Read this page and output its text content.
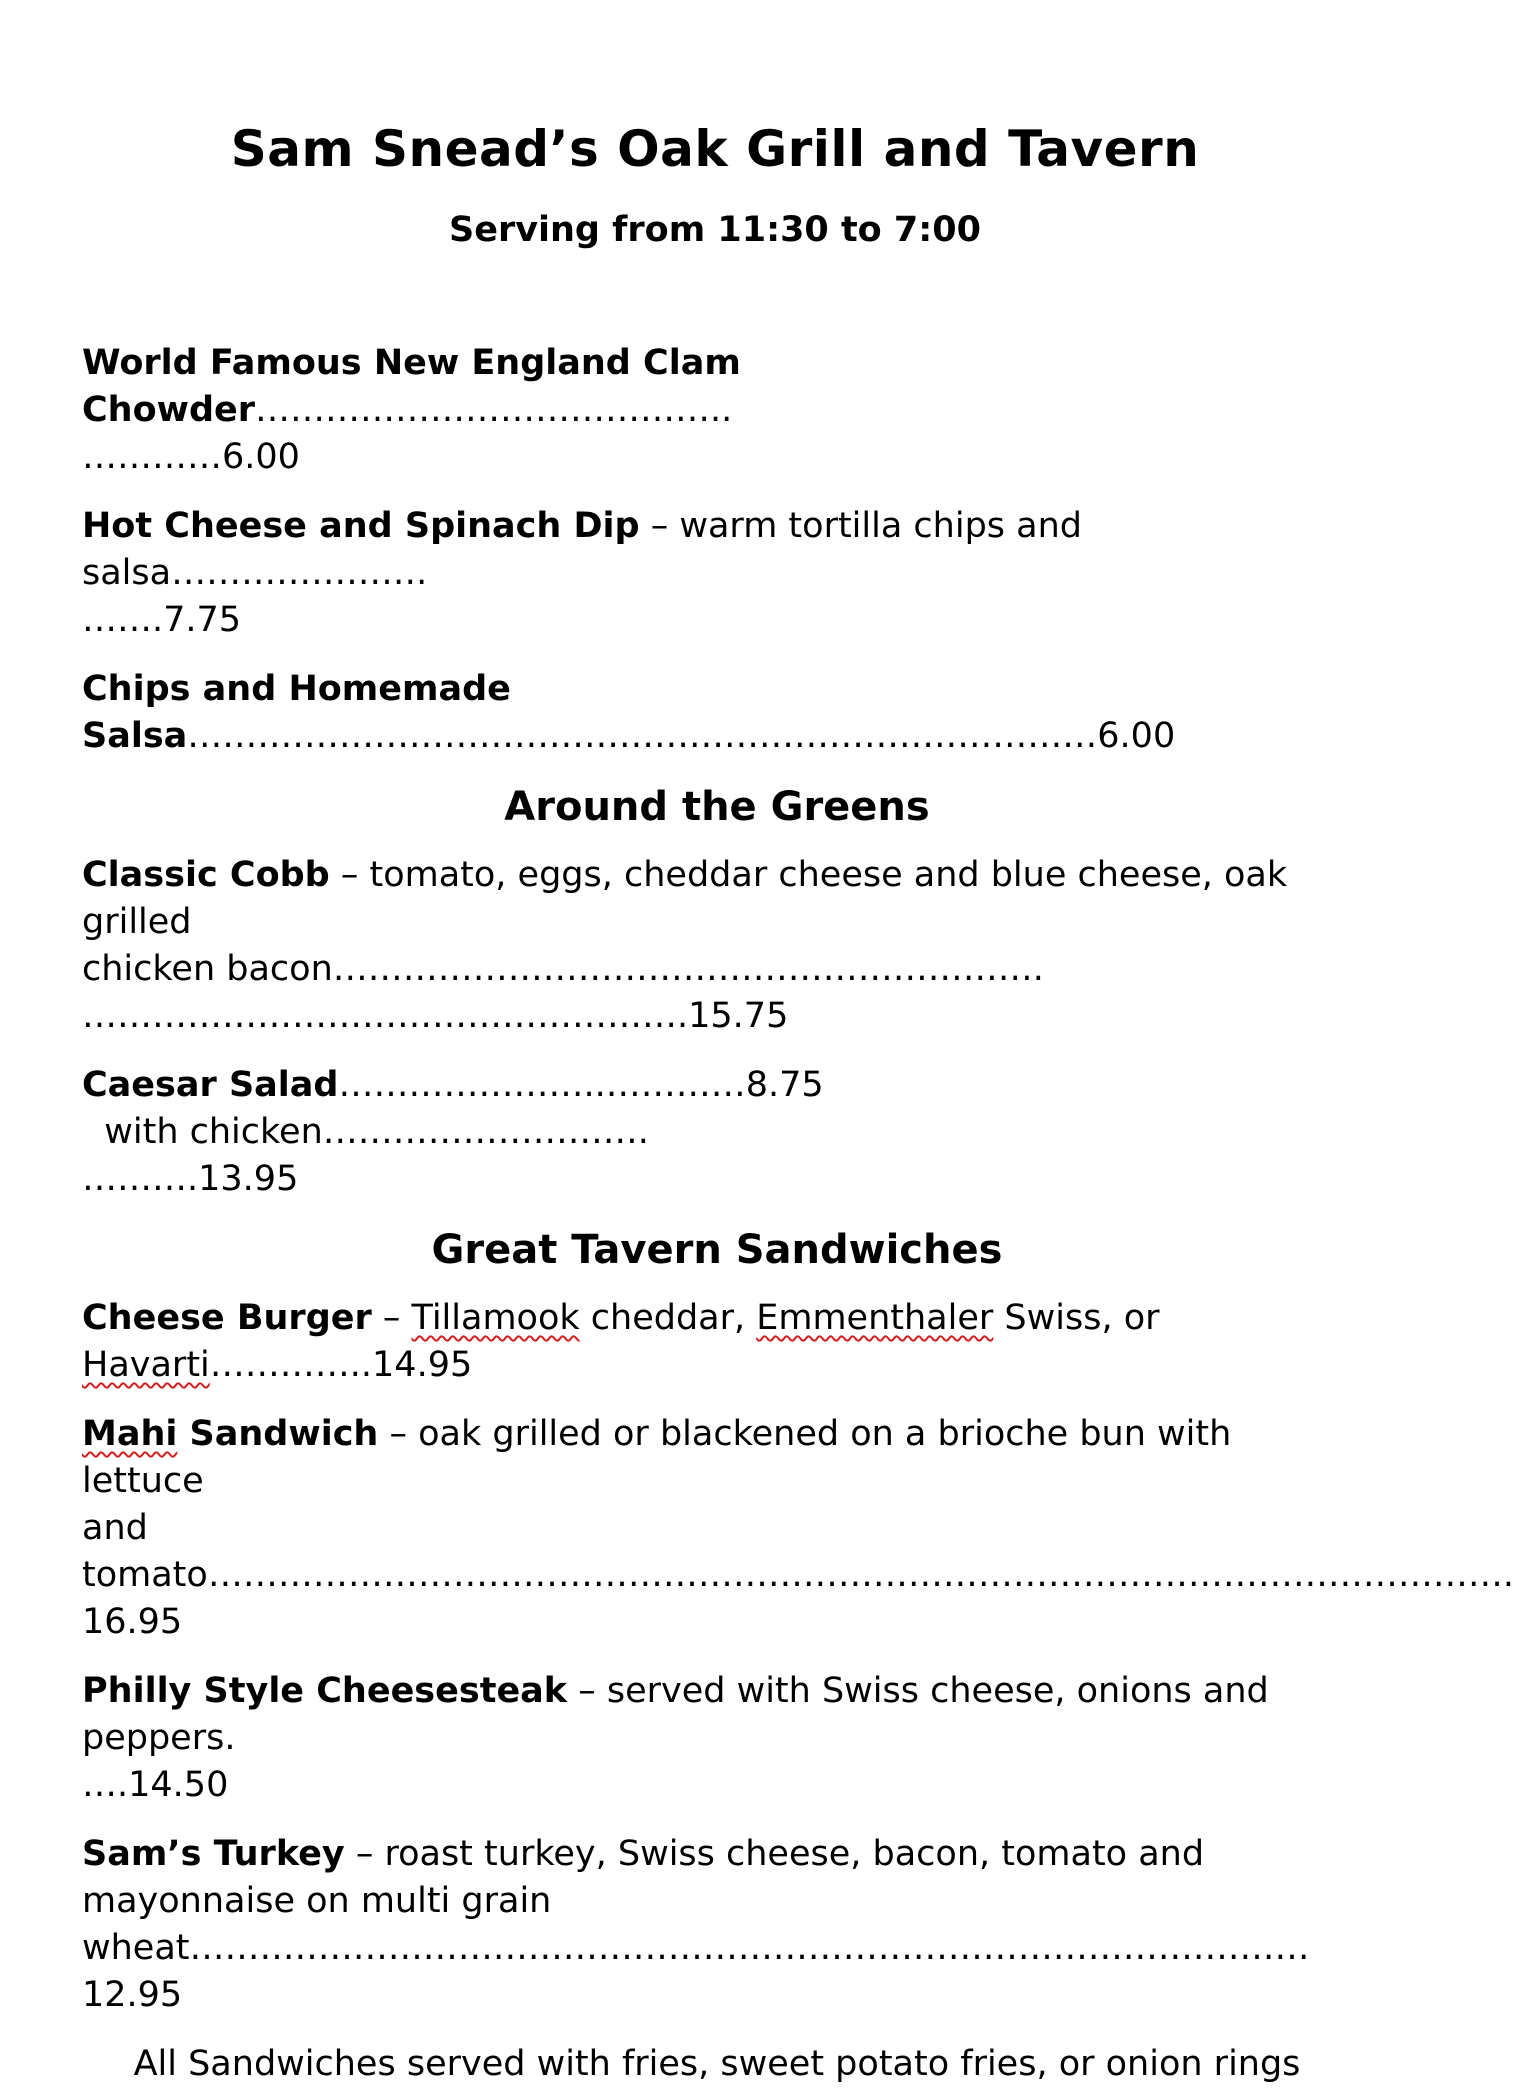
Sam Snead’s Oak Grill and Tavern
Serving from 11:30 to 7:00
World Famous New England Clam Chowder…………………………………..
…………6.00
Hot Cheese and Spinach Dip – warm tortilla chips and salsa………………….
…….7.75
Chips and Homemade
Salsa……………………………………………………………………6.00
Around the Greens
Classic Cobb – tomato, eggs, cheddar cheese and blue cheese, oak grilled
chicken bacon…………………………………………………….
…………………………………………….15.75
Caesar Salad…………………..…………8.75  with chicken……………………….
……….13.95
Great Tavern Sandwiches
Cheese Burger – Tillamook cheddar, Emmenthaler Swiss, or
Havarti…………..14.95
Mahi Sandwich – oak grilled or blackened on a brioche bun with lettuce
and
tomato………………………………………………………………………………………………….
16.95
Philly Style Cheesesteak – served with Swiss cheese, onions and peppers.
….14.50
Sam’s Turkey – roast turkey, Swiss cheese, bacon, tomato and
mayonnaise on multi grain
wheat……………………………………………………………………………………12.95
All Sandwiches served with fries, sweet potato fries, or onion rings
